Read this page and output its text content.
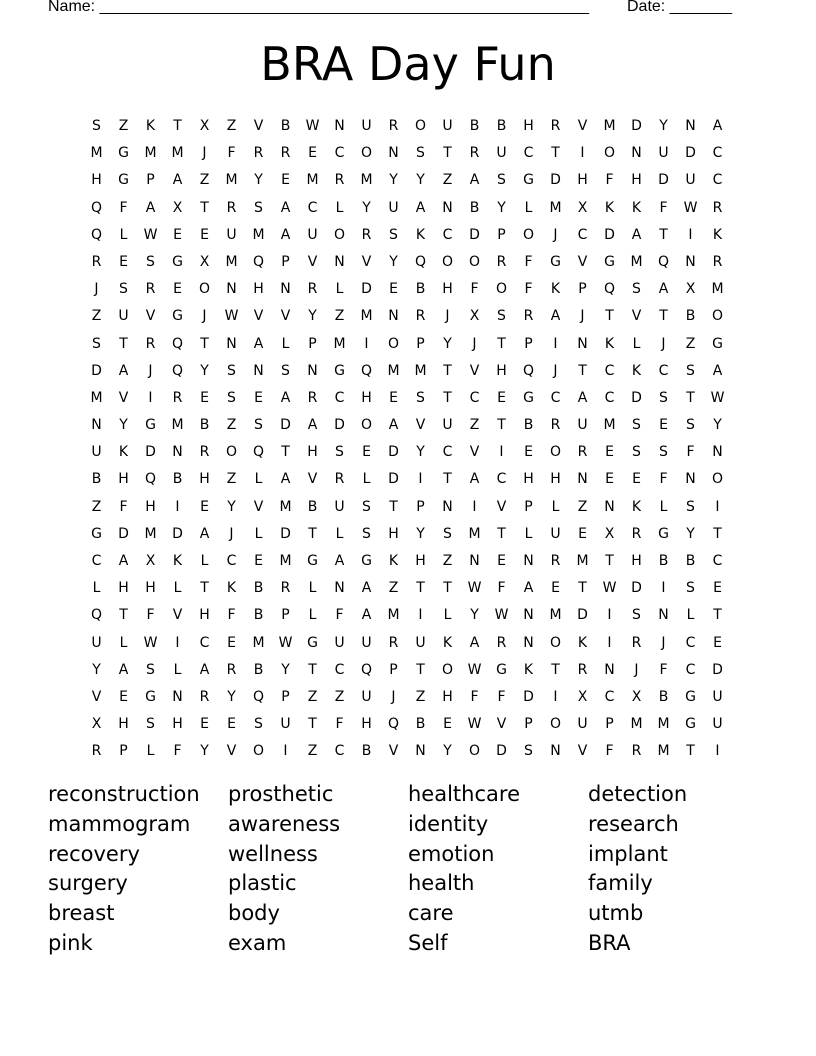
Name: _______________________________________________________ Date: _______
BRA Day Fun
S	Z	K	T	X	Z	V	B	W	N	U	R	O	U	B	B	H	R	V	M	D	Y	N	A
M	G	M	M	J	F	R	R	E	C	O	N	S	T	R	U	C	T	I	O	N	U	D	C
H	G	P	A	Z	M	Y	E	M	R	M	Y	Y	Z	A	S	G	D	H	F	H	D	U	C
Q	F	A	X	T	R	S	A	C	L	Y	U	A	N	B	Y	L	M	X	K	K	F	W	R
Q	L	W	E	E	U	M	A	U	O	R	S	K	C	D	P	O	J	C	D	A	T	I	K
R	E	S	G	X	M	Q	P	V	N	V	Y	Q	O	O	R	F	G	V	G	M	Q	N	R
J	S	R	E	O	N	H	N	R	L	D	E	B	H	F	O	F	K	P	Q	S	A	X	M
Z	U	V	G	J	W	V	V	Y	Z	M	N	R	J	X	S	R	A	J	T	V	T	B	O
S	T	R	Q	T	N	A	L	P	M	I	O	P	Y	J	T	P	I	N	K	L	J	Z	G
D	A	J	Q	Y	S	N	S	N	G	Q	M	M	T	V	H	Q	J	T	C	K	C	S	A
M	V	I	R	E	S	E	A	R	C	H	E	S	T	C	E	G	C	A	C	D	S	T	W
N	Y	G	M	B	Z	S	D	A	D	O	A	V	U	Z	T	B	R	U	M	S	E	S	Y
U	K	D	N	R	O	Q	T	H	S	E	D	Y	C	V	I	E	O	R	E	S	S	F	N
B	H	Q	B	H	Z	L	A	V	R	L	D	I	T	A	C	H	H	N	E	E	F	N	O
Z	F	H	I	E	Y	V	M	B	U	S	T	P	N	I	V	P	L	Z	N	K	L	S	I
G	D	M	D	A	J	L	D	T	L	S	H	Y	S	M	T	L	U	E	X	R	G	Y	T
C	A	X	K	L	C	E	M	G	A	G	K	H	Z	N	E	N	R	M	T	H	B	B	C
L	H	H	L	T	K	B	R	L	N	A	Z	T	T	W	F	A	E	T	W	D	I	S	E
Q	T	F	V	H	F	B	P	L	F	A	M	I	L	Y	W	N	M	D	I	S	N	L	T
U	L	W	I	C	E	M	W	G	U	U	R	U	K	A	R	N	O	K	I	R	J	C	E
Y	A	S	L	A	R	B	Y	T	C	Q	P	T	O	W	G	K	T	R	N	J	F	C	D
V	E	G	N	R	Y	Q	P	Z	Z	U	J	Z	H	F	F	D	I	X	C	X	B	G	U
X	H	S	H	E	E	S	U	T	F	H	Q	B	E	W	V	P	O	U	P	M	M	G	U
R	P	L	F	Y	V	O	I	Z	C	B	V	N	Y	O	D	S	N	V	F	R	M	T	I
reconstruction	prosthetic	healthcare	detection
mammogram	awareness	identity	research
recovery	wellness	emotion	implant
surgery	plastic	health	family
breast	body	care	utmb
pink	exam	Self	BRA
